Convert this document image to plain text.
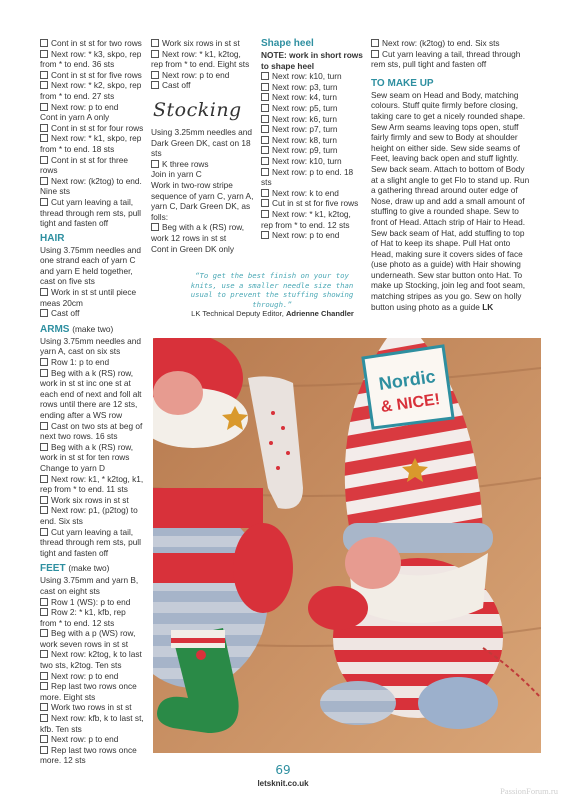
Cont in st st for two rows

Next row: * k3, skpo, rep from * to end. 36 sts

Cont in st st for five rows

Next row: * k2, skpo, rep from * to end. 27 sts

Next row: p to end

Cont in yarn A only

Cont in st st for four rows

Next row: * k1, skpo, rep from * to end. 18 sts

Cont in st st for three rows

Next row: (k2tog) to end. Nine sts

Cut yarn leaving a tail, thread through rem sts, pull tight and fasten off

HAIR

Using 3.75mm needles and one strand each of yarn C and yarn E held together, cast on five sts

Work in st st until piece meas 20cm

Cast off

ARMS (make two)

Using 3.75mm needles and yarn A, cast on six sts

Row 1: p to end

Beg with a k (RS) row, work in st st inc one st at each end of next and foll alt rows until there are 12 sts, ending after a WS row

Cast on two sts at beg of next two rows. 16 sts

Beg with a k (RS) row, work in st st for ten rows

Change to yarn D

Next row: k1, * k2tog, k1, rep from * to end. 11 sts

Work six rows in st st

Next row: p1, (p2tog) to end. Six sts

Cut yarn leaving a tail, thread through rem sts, pull tight and fasten off

FEET (make two)

Using 3.75mm and yarn B, cast on eight sts

Row 1 (WS): p to end

Row 2: * k1, kfb, rep from * to end. 12 sts

Beg with a p (WS) row, work seven rows in st st

Next row: k2tog, k to last two sts, k2tog. Ten sts

Next row: p to end

Rep last two rows once more. Eight sts

Work two rows in st st

Next row: kfb, k to last st, kfb. Ten sts

Next row: p to end

Rep last two rows once more. 12 sts

Work six rows in st st

Next row: * k1, k2tog, rep from * to end. Eight sts

Next row: p to end

Cast off

Stocking

Using 3.25mm needles and Dark Green DK, cast on 18 sts

K three rows

Join in yarn C

Work in two-row stripe sequence of yarn C, yarn A, yarn C, Dark Green DK, as folls:

Beg with a k (RS) row, work 12 rows in st st

Cont in Green DK only

Shape heel

NOTE: work in short rows to shape heel

Next row: k10, turn

Next row: p3, turn

Next row: k4, turn

Next row: p5, turn

Next row: k6, turn

Next row: p7, turn

Next row: k8, turn

Next row: p9, turn

Next row: k10, turn

Next row: p to end. 18 sts

Next row: k to end

Cut in st st for five rows

Next row: * k1, k2tog, rep from * to end. 12 sts

Next row: p to end

Next row: (k2tog) to end. Six sts

Cut yarn leaving a tail, thread through rem sts, pull tight and fasten off

TO MAKE UP

Sew seam on Head and Body, matching colours. Stuff quite firmly before closing, taking care to get a nicely rounded shape. Sew Arm seams leaving tops open, stuff fairly firmly and sew to Body at shoulder height on either side. Sew side seams of Feet, leaving back open and stuff lightly. Sew back seam. Attach to bottom of Body at a slight angle to get Flo to stand up. Run a gathering thread around outer edge of Nose, draw up and add a small amount of stuffing to give a rounded shape. Sew to front of Head. Attach strip of Hair to Head. Sew back seam of Hat, add stuffing to top of Hat to keep its shape. Pull Hat onto Head, making sure it covers sides of face (use photo as a guide) with Hair showing underneath. Sew star button onto Hat. To make up Stocking, join leg and foot seam, matching stripes as you go. Sew on holly button using photo as a guide LK

“To get the best finish on your toy knits, use a smaller needle size than usual to prevent the stuffing showing through.”
LK Technical Deputy Editor, Adrienne Chandler
Nordic
& NICE!
69
letsknit.co.uk
PassionForum.ru
